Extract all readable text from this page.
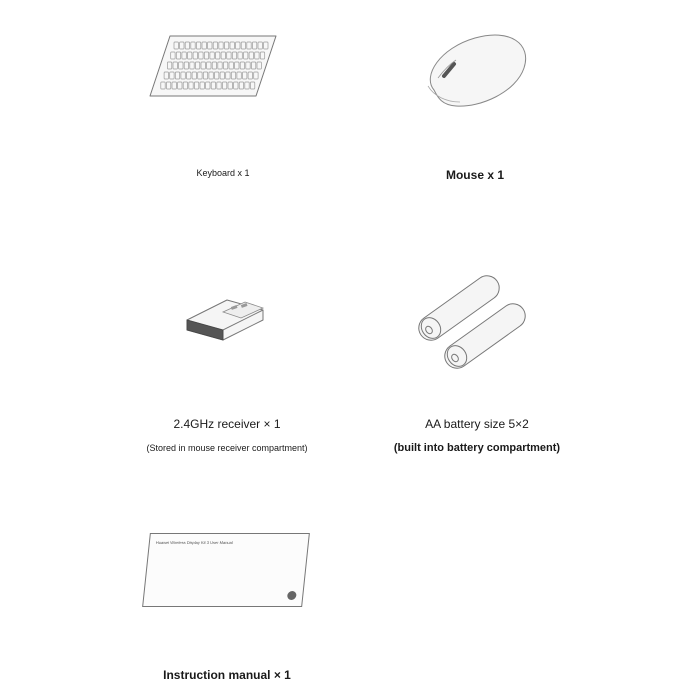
Keyboard x 1	Mouse x 1
2.4GHz receiver × 1
(Stored in mouse receiver compartment)
AA battery size 5×2
(built into battery compartment)
Huawei Wireless Display Kit 3 User Manual
Instruction manual × 1
